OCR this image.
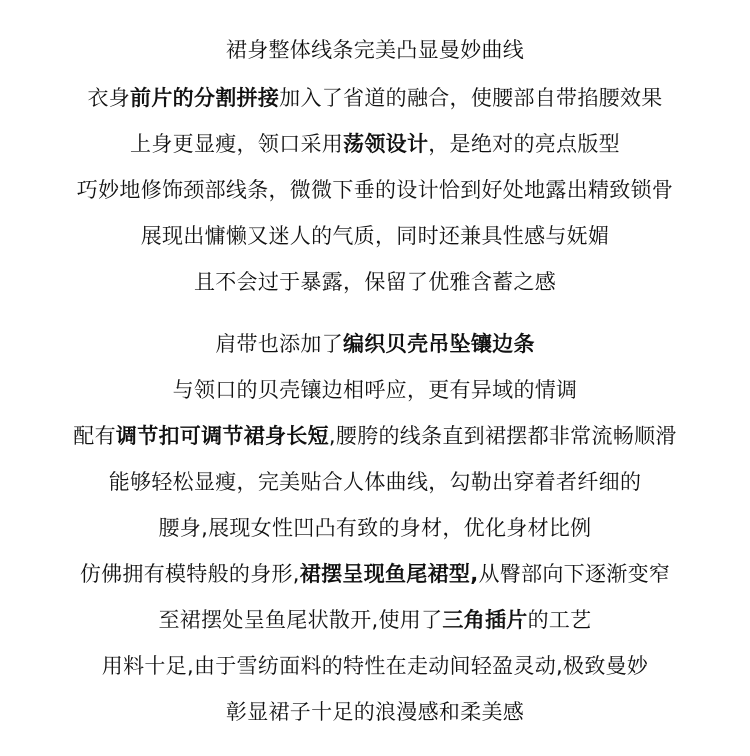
裙身整体线条完美凸显曼妙曲线
衣身前片的分割拼接加入了省道的融合，使腰部自带掐腰效果
上身更显瘦，领口采用荡领设计，是绝对的亮点版型
巧妙地修饰颈部线条，微微下垂的设计恰到好处地露出精致锁骨
展现出慵懒又迷人的气质，同时还兼具性感与妩媚
且不会过于暴露，保留了优雅含蓄之感
肩带也添加了编织贝壳吊坠镶边条
与领口的贝壳镶边相呼应，更有异域的情调
配有调节扣可调节裙身长短,腰胯的线条直到裙摆都非常流畅顺滑
能够轻松显瘦，完美贴合人体曲线，勾勒出穿着者纤细的
腰身,展现女性凹凸有致的身材，优化身材比例
仿佛拥有模特般的身形,裙摆呈现鱼尾裙型,从臀部向下逐渐变窄
至裙摆处呈鱼尾状散开,使用了三角插片的工艺
用料十足,由于雪纺面料的特性在走动间轻盈灵动,极致曼妙
彰显裙子十足的浪漫感和柔美感
